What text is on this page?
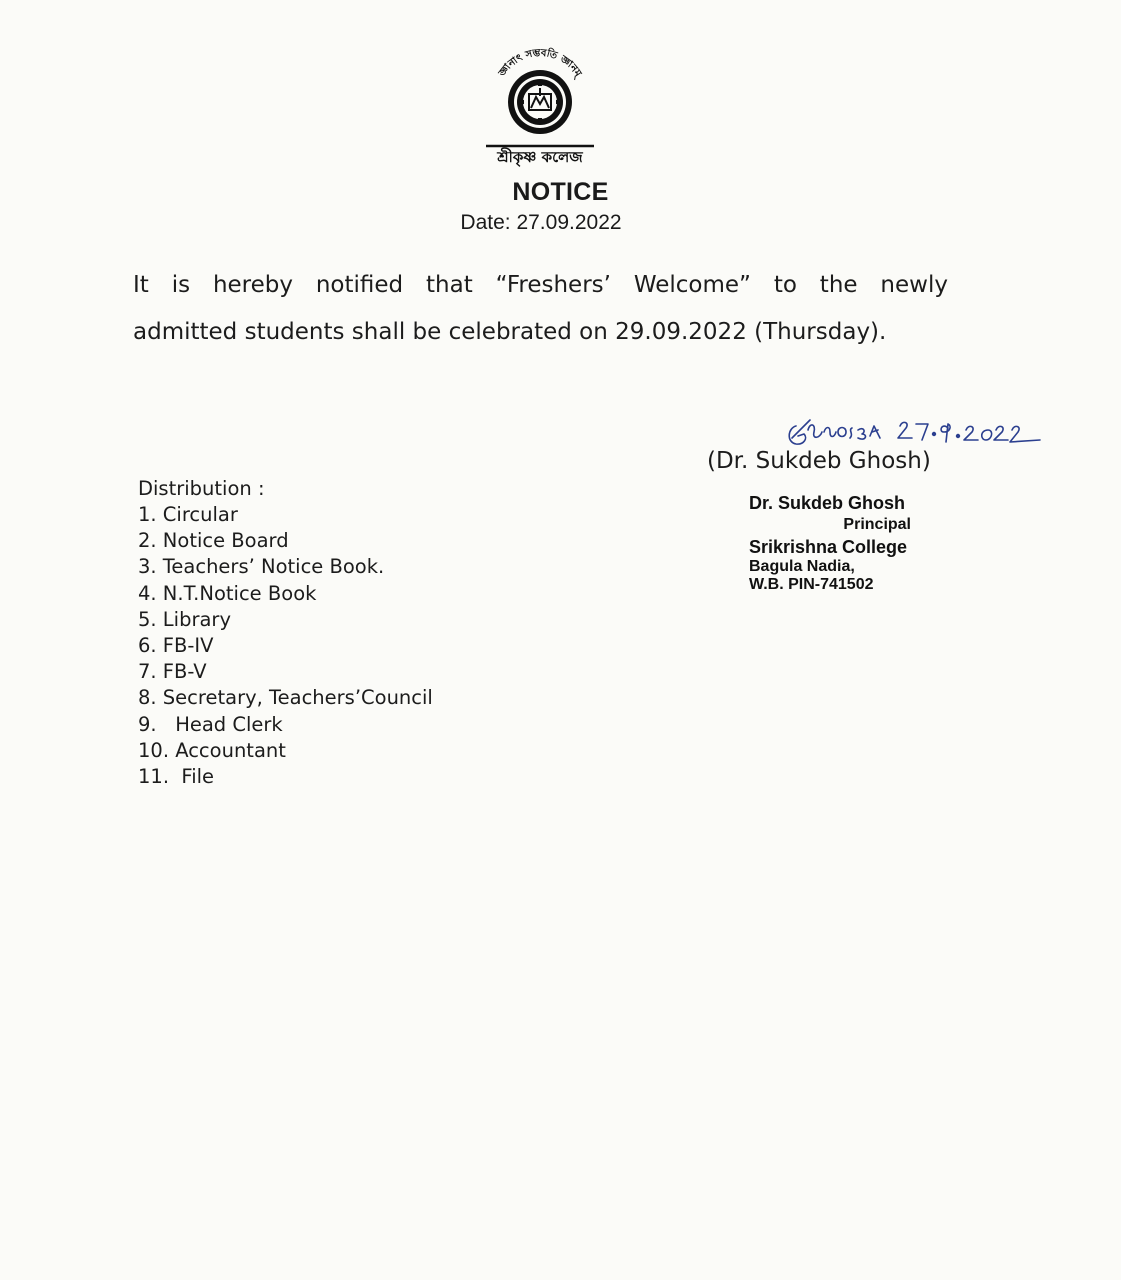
জ্ঞানাৎ সম্ভবতি জ্ঞানম্
শ্রীকৃষ্ণ কলেজ
NOTICE
Date: 27.09.2022
It is hereby notified that “Freshers’ Welcome” to the newly
admitted students shall be celebrated on 29.09.2022 (Thursday).
(Dr. Sukdeb Ghosh)
Dr. Sukdeb Ghosh
Principal
Srikrishna College
Bagula Nadia,
W.B. PIN-741502
Distribution :
1. Circular
2. Notice Board
3. Teachers’ Notice Book.
4. N.T.Notice Book
5. Library
6. FB-IV
7. FB-V
8. Secretary, Teachers’Council
9.   Head Clerk
10. Accountant
11.  File
